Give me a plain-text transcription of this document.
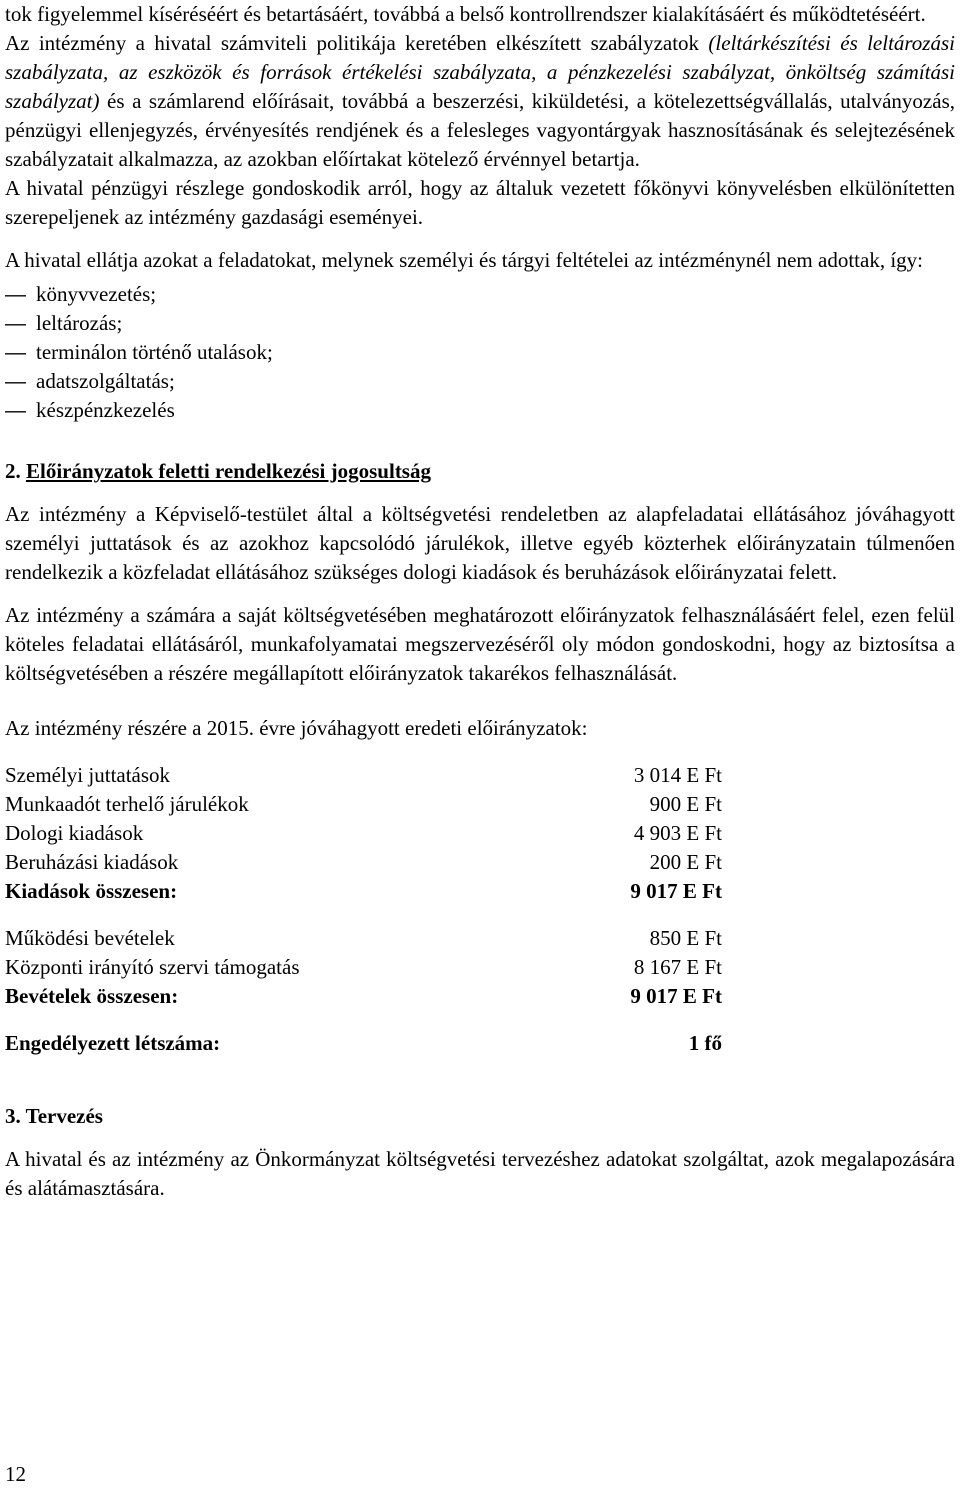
tok figyelemmel kíséréséért és betartásáért, továbbá a belső kontrollrendszer kialakításáért és működtetéséért.

Az intézmény a hivatal számviteli politikája keretében elkészített szabályzatok (leltárkészítési és leltározási szabályzata, az eszközök és források értékelési szabályzata, a pénzkezelési szabályzat, önköltség számítási szabályzat) és a számlarend előírásait, továbbá a beszerzési, kiküldetési, a kötelezettségvállalás, utalványozás, pénzügyi ellenjegyzés, érvényesítés rendjének és a felesleges vagyontárgyak hasznosításának és selejtezésének szabályzatait alkalmazza, az azokban előírtakat kötelező érvénnyel betartja.

A hivatal pénzügyi részlege gondoskodik arról, hogy az általuk vezetett főkönyvi könyvelésben elkülönítetten szerepeljenek az intézmény gazdasági eseményei.

A hivatal ellátja azokat a feladatokat, melynek személyi és tárgyi feltételei az intézménynél nem adottak, így:

— könyvvezetés;
— leltározás;
— terminálon történő utalások;
— adatszolgáltatás;
— készpénzkezelés

2. Előirányzatok feletti rendelkezési jogosultság

Az intézmény a Képviselő-testület által a költségvetési rendeletben az alapfeladatai ellátásához jóváhagyott személyi juttatások és az azokhoz kapcsolódó járulékok, illetve egyéb közterhek előirányzatain túlmenően rendelkezik a közfeladat ellátásához szükséges dologi kiadások és beruházások előirányzatai felett.

Az intézmény a számára a saját költségvetésében meghatározott előirányzatok felhasználásáért felel, ezen felül köteles feladatai ellátásáról, munkafolyamatai megszervezéséről oly módon gondoskodni, hogy az biztosítsa a költségvetésében a részére megállapított előirányzatok takarékos felhasználását.

Az intézmény részére a 2015. évre jóváhagyott eredeti előirányzatok:

Személyi juttatások	3 014 E Ft
Munkaadót terhelő járulékok	900 E Ft
Dologi kiadások	4 903 E Ft
Beruházási kiadások	200 E Ft
Kiadások összesen:	9 017 E Ft

Működési bevételek	850 E Ft
Központi irányító szervi támogatás	8 167 E Ft
Bevételek összesen:	9 017 E Ft

Engedélyezett létszáma:	1 fő

3. Tervezés

A hivatal és az intézmény az Önkormányzat költségvetési tervezéshez adatokat szolgáltat, azok megalapozására és alátámasztására.

12
